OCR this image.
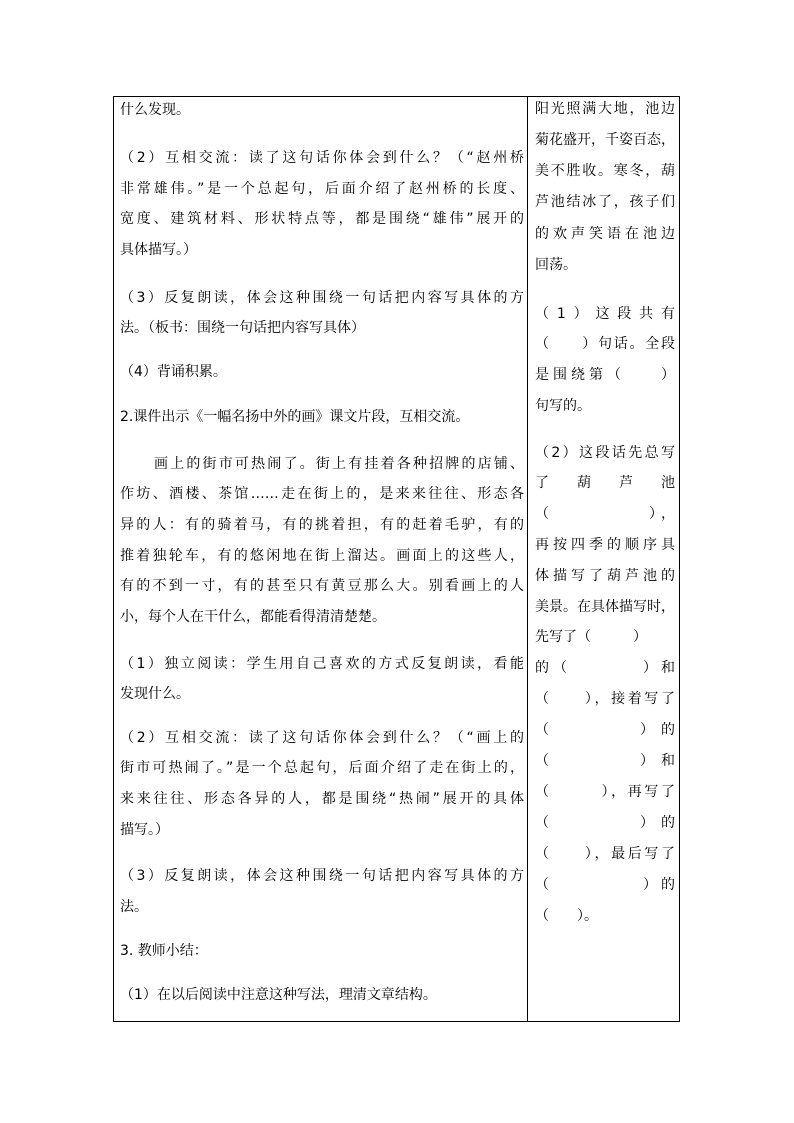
什么发现。
（2）互相交流：读了这句话你体会到什么？（“赵州桥
非常雄伟。”是一个总起句，后面介绍了赵州桥的长度、
宽度、建筑材料、形状特点等，都是围绕“雄伟”展开的
具体描写。）
（3）反复朗读，体会这种围绕一句话把内容写具体的方
法。（板书：围绕一句话把内容写具体）
（4）背诵积累。
2.课件出示《一幅名扬中外的画》课文片段，互相交流。
画上的街市可热闹了。街上有挂着各种招牌的店铺、
作坊、酒楼、茶馆……走在街上的，是来来往往、形态各
异的人：有的骑着马，有的挑着担，有的赶着毛驴，有的
推着独轮车，有的悠闲地在街上溜达。画面上的这些人，
有的不到一寸，有的甚至只有黄豆那么大。别看画上的人
小，每个人在干什么，都能看得清清楚楚。
（1）独立阅读：学生用自己喜欢的方式反复朗读，看能
发现什么。
（2）互相交流：读了这句话你体会到什么？（“画上的
街市可热闹了。”是一个总起句，后面介绍了走在街上的，
来来往往、形态各异的人，都是围绕“热闹”展开的具体
描写。）
（3）反复朗读，体会这种围绕一句话把内容写具体的方
法。
3. 教师小结：
（1）在以后阅读中注意这种写法，理清文章结构。
阳光照满大地，池边
菊花盛开，千姿百态，
美不胜收。寒冬，葫
芦池结冰了，孩子们
的欢声笑语在池边
回荡。
（1）这段共有
（　　）句话。全段
是围绕第（　　）
句写的。
（2）这段话先总写
了　葫　芦　池
（　　　　　），
再按四季的顺序具
体描写了葫芦池的
美景。在具体描写时，
先写了（　　　）
的（　　　　）和
（　　），接着写了
（　　　　）的
（　　　　）和
（　　　），再写了
（　　　　）的
（　　），最后写了
（　　　　　）的
（　　）。
